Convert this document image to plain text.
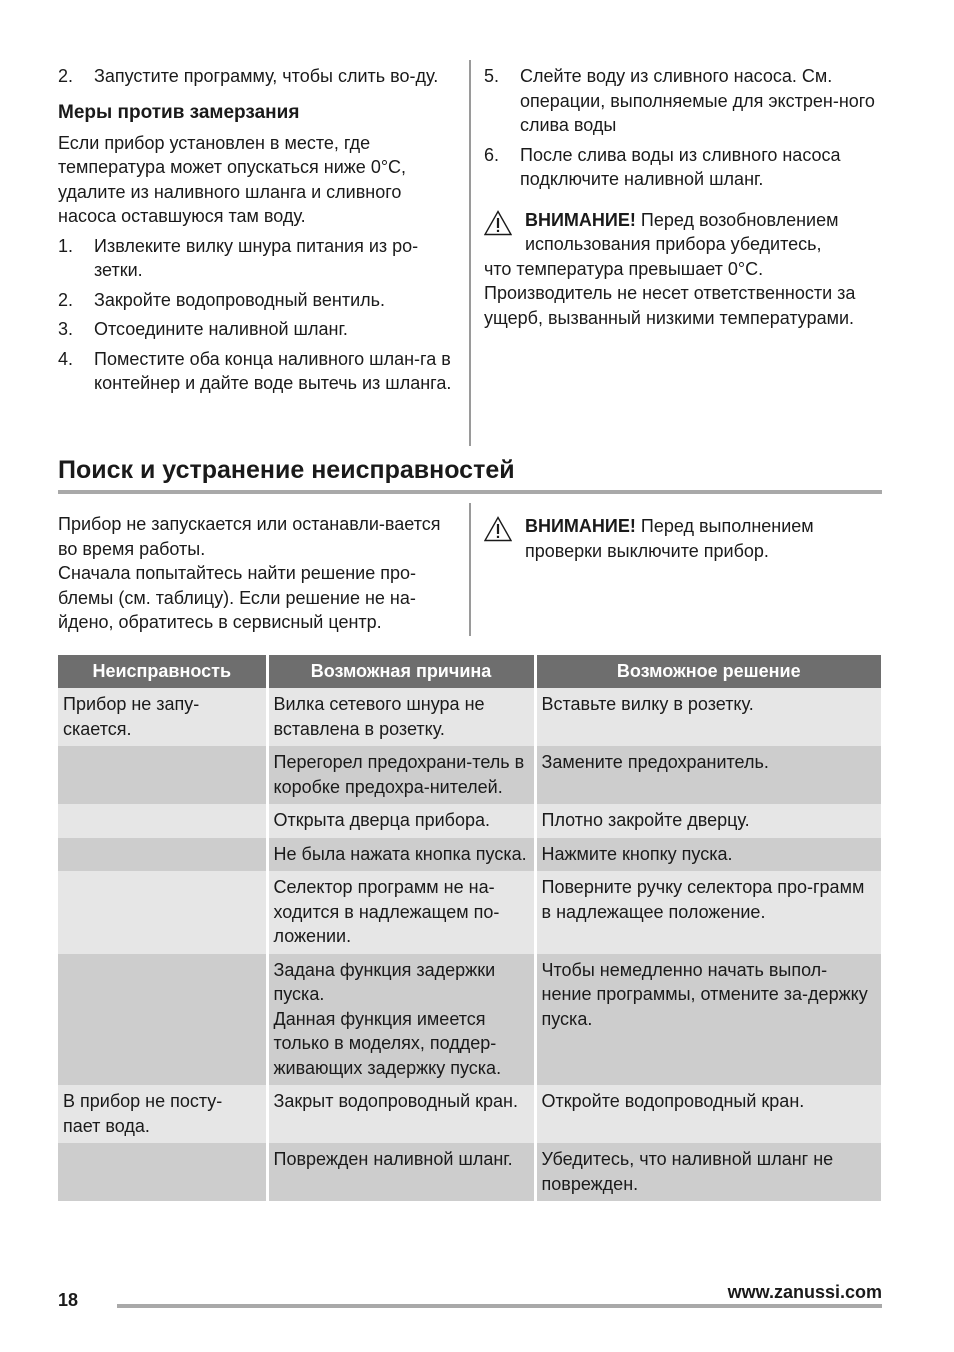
2.	Запустите программу, чтобы слить во-ду.
Меры против замерзания

Если прибор установлен в месте, где температура может опускаться ниже 0°C, удалите из наливного шланга и сливного насоса оставшуюся там воду.

1.	Извлеките вилку шнура питания из ро-зетки.
2.	Закройте водопроводный вентиль.
3.	Отсоедините наливной шланг.
4.	Поместите оба конца наливного шлан-га в контейнер и дайте воде вытечь из шланга.
5.	Слейте воду из сливного насоса. См. операции, выполняемые для экстрен-ного слива воды
6.	После слива воды из сливного насоса подключите наливной шланг.
ВНИМАНИЕ! Перед возобновлением использования прибора убедитесь,
что температура превышает 0°C. Производитель не несет ответственности за ущерб, вызванный низкими температурами.
Поиск и устранение неисправностей
Прибор не запускается или останавли-вается во время работы.
Сначала попытайтесь найти решение про-блемы (см. таблицу). Если решение не на-йдено, обратитесь в сервисный центр.
ВНИМАНИЕ! Перед выполнением проверки выключите прибор.
Неисправность	Возможная причина	Возможное решение
Прибор не запу-скается.	Вилка сетевого шнура не вставлена в розетку.	Вставьте вилку в розетку.
	Перегорел предохрани-тель в коробке предохра-нителей.	Замените предохранитель.
	Открыта дверца прибора.	Плотно закройте дверцу.
	Не была нажата кнопка пуска.	Нажмите кнопку пуска.
	Селектор программ не на-ходится в надлежащем по-ложении.	Поверните ручку селектора про-грамм в надлежащее положение.

	Задана функция задержки пуска.
Данная функция имеется только в моделях, поддер-живающих задержку пуска.	Чтобы немедленно начать выпол-нение программы, отмените за-держку пуска.
В прибор не посту-пает вода.	Закрыт водопроводный кран.	Откройте водопроводный кран.
	Поврежден наливной шланг.	Убедитесь, что наливной шланг не поврежден.
18	www.zanussi.com
